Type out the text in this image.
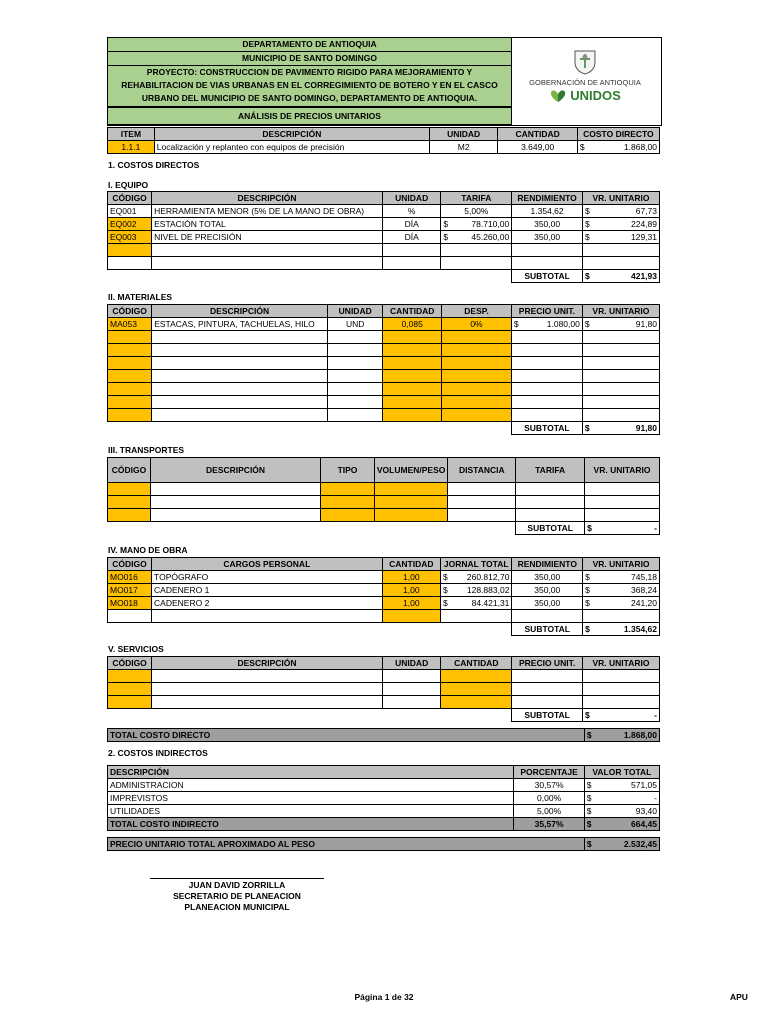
DEPARTAMENTO DE ANTIOQUIA
MUNICIPIO DE SANTO DOMINGO
PROYECTO: CONSTRUCCION DE PAVIMENTO RIGIDO PARA MEJORAMIENTO Y REHABILITACION DE VIAS URBANAS EN EL CORREGIMIENTO DE BOTERO Y EN EL CASCO URBANO DEL MUNICIPIO DE SANTO DOMINGO, DEPARTAMENTO DE ANTIOQUIA.
ANÁLISIS DE PRECIOS UNITARIOS
GOBERNACIÓN DE ANTIOQUIA
UNIDOS
ITEM	DESCRIPCIÓN	UNIDAD	CANTIDAD	COSTO DIRECTO
1.1.1	Localización y replanteo con equipos de precisión	M2	3.649,00	$ 1.868,00
1. COSTOS DIRECTOS
I. EQUIPO
CÓDIGO	DESCRIPCIÓN	UNIDAD	TARIFA	RENDIMIENTO	VR. UNITARIO
EQ001	HERRAMIENTA MENOR (5% DE LA MANO DE OBRA)	%	5,00%	1.354,62	$ 67,73

EQ002	ESTACIÓN TOTAL	DÍA	$ 78.710,00	350,00	$ 224,89

EQ003	NIVEL DE PRECISIÓN	DÍA	$ 45.260,00	350,00	$ 129,31

				SUBTOTAL	$ 421,93
II. MATERIALES
CÓDIGO	DESCRIPCIÓN	UNIDAD	CANTIDAD	DESP.	PRECIO UNIT.	VR. UNITARIO
MA053	ESTACAS, PINTURA, TACHUELAS, HILO	UND	0,085	0%	$ 1.080,00	$ 91,80

					SUBTOTAL	$ 91,80
III. TRANSPORTES
CÓDIGO	DESCRIPCIÓN	TIPO	VOLUMEN/PESO	DISTANCIA	TARIFA	VR. UNITARIO

					SUBTOTAL	$ -
IV. MANO DE OBRA
CÓDIGO	CARGOS PERSONAL	CANTIDAD	JORNAL TOTAL	RENDIMIENTO	VR. UNITARIO
MO016	TOPÓGRAFO	1,00	$ 260.812,70	350,00	$ 745,18

MO017	CADENERO 1	1,00	$ 128.883,02	350,00	$ 368,24

MO018	CADENERO 2	1,00	$ 84.421,31	350,00	$ 241,20

				SUBTOTAL	$ 1.354,62
V. SERVICIOS
CÓDIGO	DESCRIPCIÓN	UNIDAD	CANTIDAD	PRECIO UNIT.	VR. UNITARIO

				SUBTOTAL	$ -
TOTAL COSTO DIRECTO	$	1.868,00
2. COSTOS INDIRECTOS
DESCRIPCIÓN	PORCENTAJE	VALOR TOTAL
ADMINISTRACION	30,57%	$ 571,05

IMPREVISTOS	0,00%	$ -

UTILIDADES	5,00%	$ 93,40

TOTAL COSTO INDIRECTO	35,57%	$ 664,45
PRECIO UNITARIO TOTAL APROXIMADO AL PESO	$	2.532,45
JUAN DAVID ZORRILLA
SECRETARIO DE PLANEACION
PLANEACION MUNICIPAL
Página 1 de 32	APU
